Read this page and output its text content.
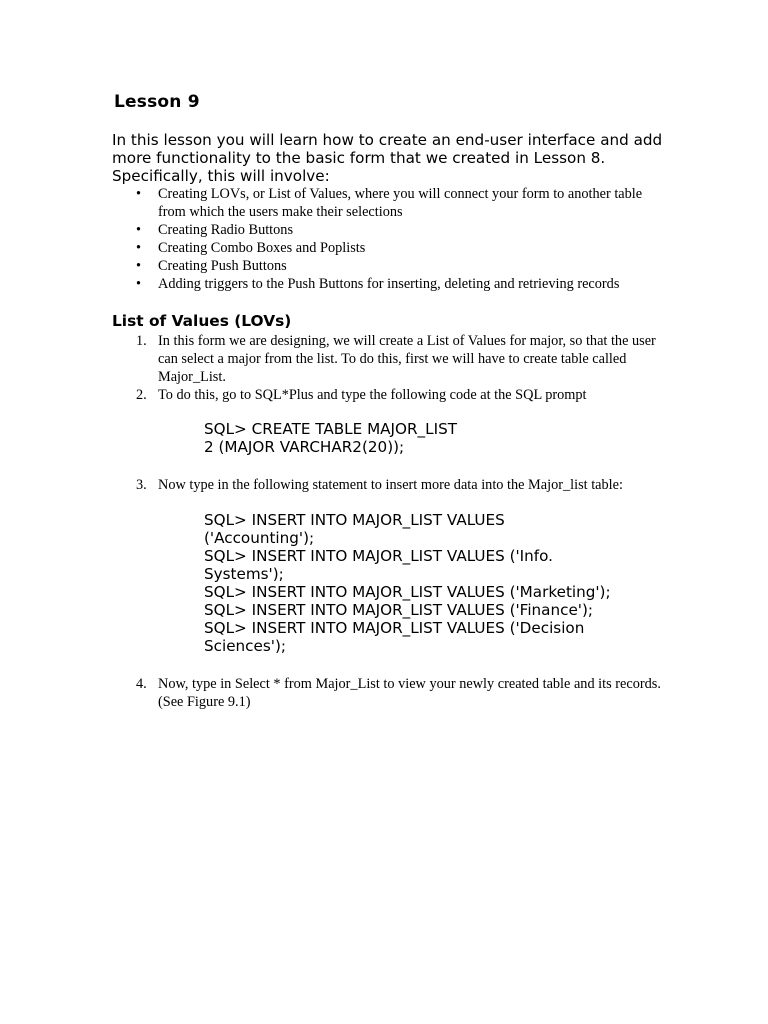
Lesson 9
In this lesson you will learn how to create an end-user interface and add more functionality to the basic form that we created in Lesson 8. Specifically, this will involve:
• Creating LOVs, or List of Values, where you will connect your form to another table from which the users make their selections
• Creating Radio Buttons
• Creating Combo Boxes and Poplists
• Creating Push Buttons
• Adding triggers to the Push Buttons for inserting, deleting and retrieving records
List of Values (LOVs)
1. In this form we are designing, we will create a List of Values for major, so that the user can select a major from the list. To do this, first we will have to create table called Major_List.
2. To do this, go to SQL*Plus and type the following code at the SQL prompt
SQL> CREATE TABLE MAJOR_LIST
2 (MAJOR VARCHAR2(20));
3. Now type in the following statement to insert more data into the Major_list table:
SQL> INSERT INTO MAJOR_LIST VALUES
('Accounting');
SQL> INSERT INTO MAJOR_LIST VALUES ('Info.
Systems');
SQL> INSERT INTO MAJOR_LIST VALUES ('Marketing');
SQL> INSERT INTO MAJOR_LIST VALUES ('Finance');
SQL> INSERT INTO MAJOR_LIST VALUES ('Decision
Sciences');
4. Now, type in Select * from Major_List to view your newly created table and its records. (See Figure 9.1)
